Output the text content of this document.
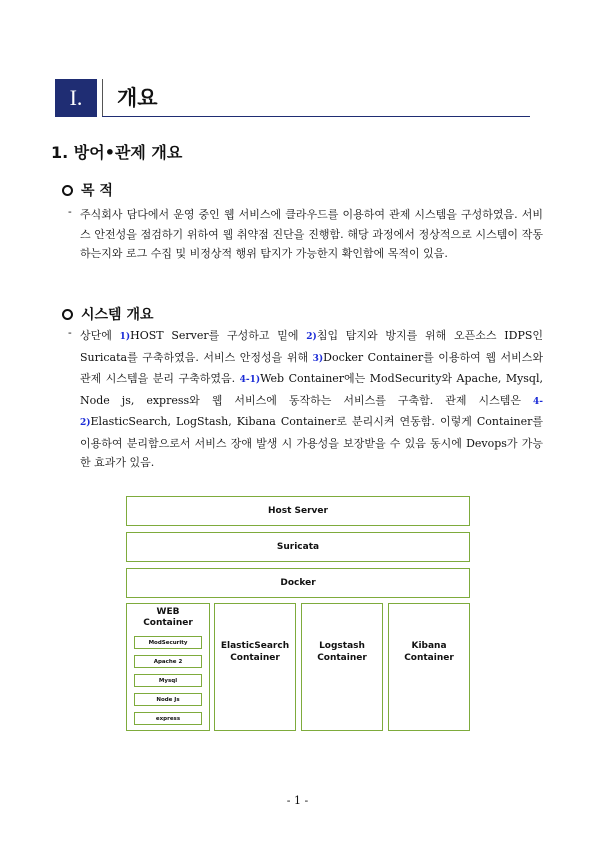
I.	개요
1. 방어•관제 개요
목 적
- 주식회사 담다에서 운영 중인 웹 서비스에 클라우드를 이용하여 관제 시스템을 구성하였음. 서비스 안전성을 점검하기 위하여 웹 취약점 진단을 진행함. 해당 과정에서 정상적으로 시스템이 작동하는지와 로그 수집 및 비정상적 행위 탐지가 가능한지 확인함에 목적이 있음.
시스템 개요
- 상단에 1)HOST Server를 구성하고 밑에 2)침입 탐지와 방지를 위해 오픈소스 IDPS인 Suricata를 구축하였음. 서비스 안정성을 위해 3)Docker Container를 이용하여 웹 서비스와 관제 시스템을 분리 구축하였음. 4-1)Web Container에는 ModSecurity와 Apache, Mysql, Node js, express와 웹 서비스에 동작하는 서비스를 구축함. 관제 시스템은 4-2)ElasticSearch, LogStash, Kibana Container로 분리시켜 연동함. 이렇게 Container를 이용하여 분리함으로서 서비스 장애 발생 시 가용성을 보장받을 수 있음 동시에 Devops가 가능한 효과가 있음.
Host Server
Suricata
Docker
WEB
Container
ModSecurity
Apache 2
Mysql
Node Js
express
ElasticSearch
Container
Logstash
Container
Kibana
Container
- 1 -
